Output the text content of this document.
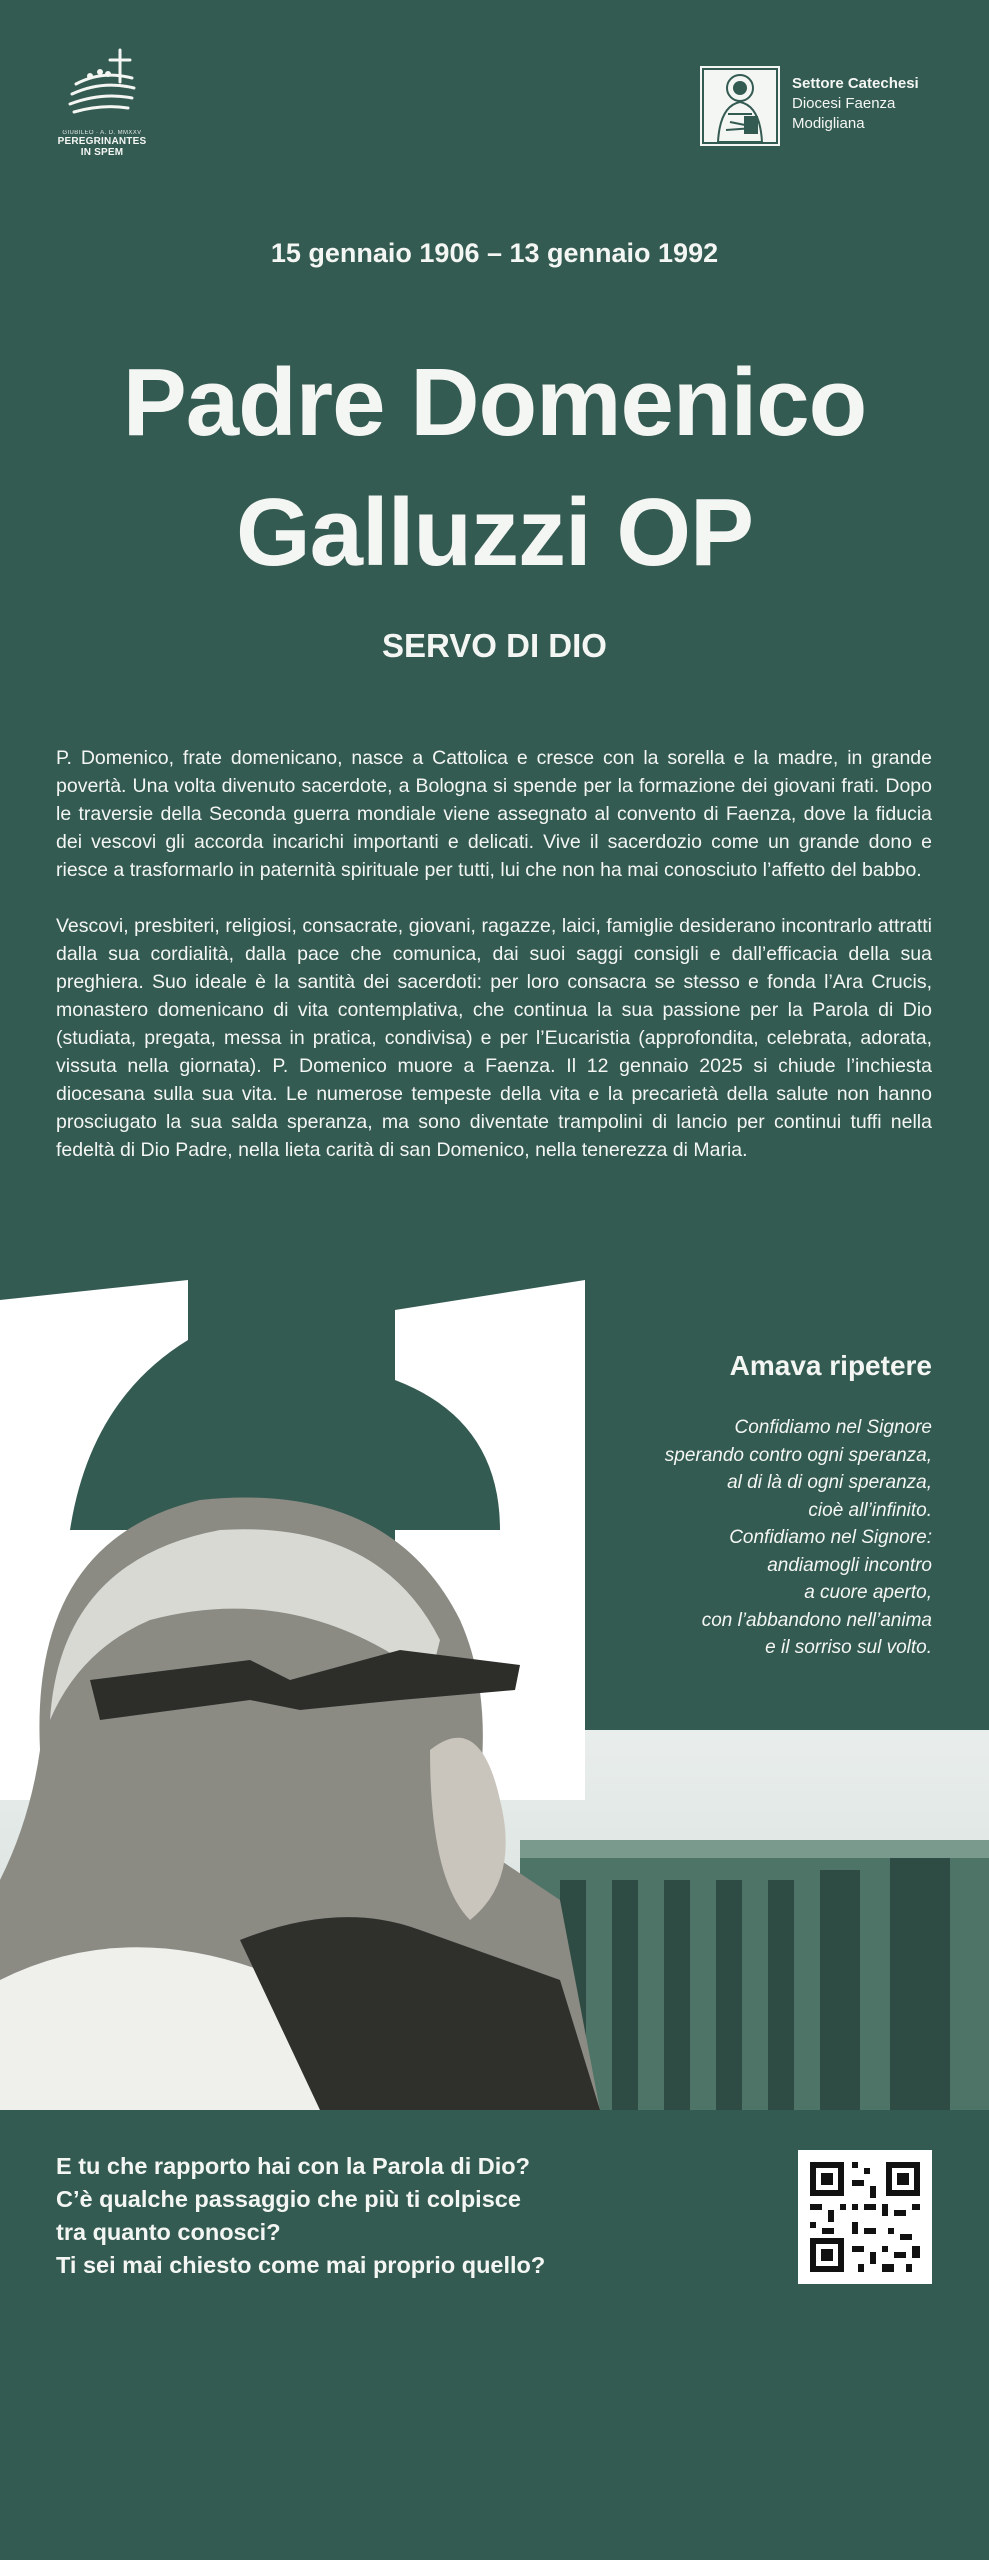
GIUBILEO · A. D. MMXXV
PEREGRINANTES
IN SPEM
Settore Catechesi
Diocesi Faenza
Modigliana
15 gennaio 1906 – 13 gennaio 1992
Padre Domenico
Galluzzi OP
SERVO DI DIO

P. Domenico, frate domenicano, nasce a Cattolica e cresce con la sorella e la madre, in grande povertà. Una volta divenuto sacerdote, a Bologna si spende per la formazione dei giovani frati. Dopo le traversie della Seconda guerra mondiale viene assegnato al convento di Faenza, dove la fiducia dei vescovi gli accorda incarichi importanti e delicati. Vive il sacerdozio come un grande dono e riesce a trasformarlo in paternità spirituale per tutti, lui che non ha mai conosciuto l’affetto del babbo.

Vescovi, presbiteri, religiosi, consacrate, giovani, ragazze, laici, famiglie desiderano incontrarlo attratti dalla sua cordialità, dalla pace che comunica, dai suoi saggi consigli e dall’efficacia della sua preghiera. Suo ideale è la santità dei sacerdoti: per loro consacra se stesso e fonda l’Ara Crucis, monastero domenicano di vita contemplativa, che continua la sua passione per la Parola di Dio (studiata, pregata, messa in pratica, condivisa) e per l’Eucaristia (approfondita, celebrata, adorata, vissuta nella giornata). P. Domenico muore a Faenza. Il 12 gennaio 2025 si chiude l’inchiesta diocesana sulla sua vita. Le numerose tempeste della vita e la precarietà della salute non hanno prosciugato la sua salda speranza, ma sono diventate trampolini di lancio per continui tuffi nella fedeltà di Dio Padre, nella lieta carità di san Domenico, nella tenerezza di Maria.

Amava ripetere
Confidiamo nel Signore
sperando contro ogni speranza,
al di là di ogni speranza,
cioè all’infinito.
Confidiamo nel Signore:
andiamogli incontro
a cuore aperto,
con l’abbandono nell’anima
e il sorriso sul volto.
E tu che rapporto hai con la Parola di Dio?
C’è qualche passaggio che più ti colpisce
tra quanto conosci?
Ti sei mai chiesto come mai proprio quello?
